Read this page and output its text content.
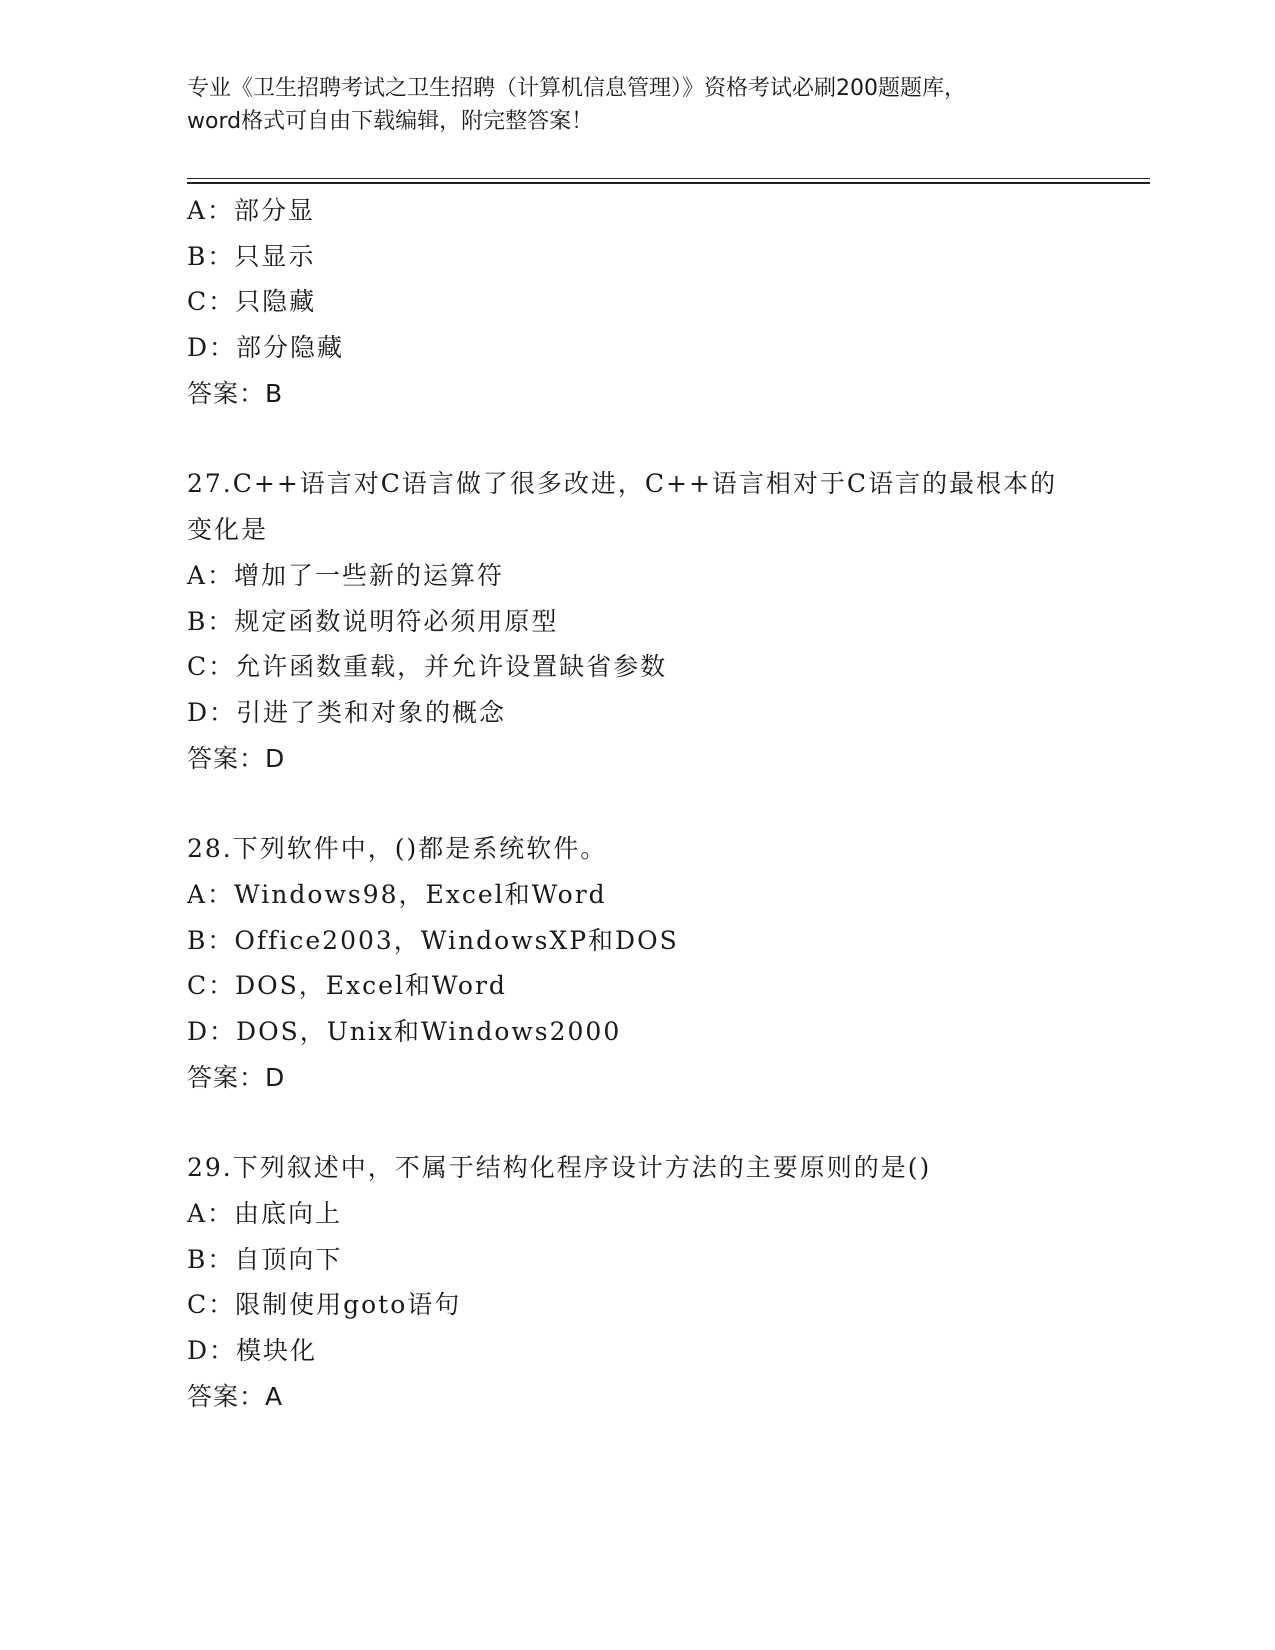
专业《卫生招聘考试之卫生招聘（计算机信息管理）》资格考试必刷200题题库，
word格式可自由下载编辑，附完整答案！
A：部分显
B：只显示
C：只隐藏
D：部分隐藏
答案：B
27.C++语言对C语言做了很多改进，C++语言相对于C语言的最根本的
变化是
A：增加了一些新的运算符
B：规定函数说明符必须用原型
C：允许函数重载，并允许设置缺省参数
D：引进了类和对象的概念
答案：D
28.下列软件中，()都是系统软件。
A：Windows98，Excel和Word
B：Office2003，WindowsXP和DOS
C：DOS，Excel和Word
D：DOS，Unix和Windows2000
答案：D
29.下列叙述中，不属于结构化程序设计方法的主要原则的是()
A：由底向上
B：自顶向下
C：限制使用goto语句
D：模块化
答案：A
